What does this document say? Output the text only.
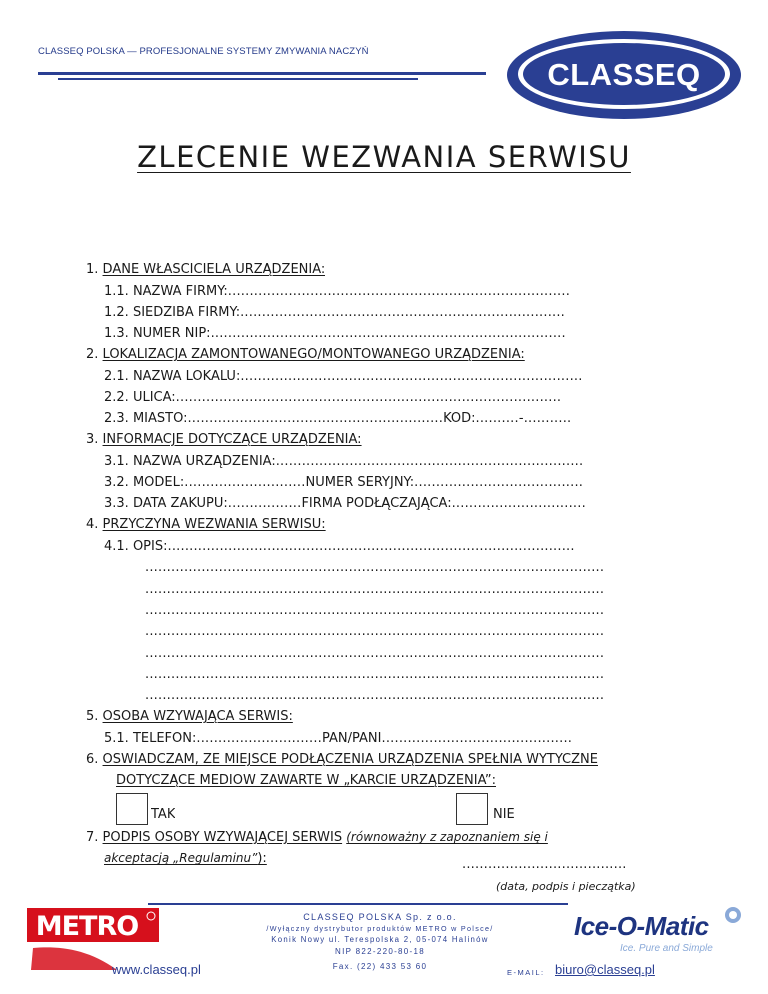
CLASSEQ POLSKA — PROFESJONALNE SYSTEMY ZMYWANIA NACZYŃ
CLASSEQ
ZLECENIE WEZWANIA SERWISU
1. DANE WŁAŚCICIELA URZĄDZENIA:
1.1. NAZWA FIRMY:...............................................................................
1.2. SIEDZIBA FIRMY:...........................................................................
1.3. NUMER NIP:..................................................................................
2. LOKALIZACJA ZAMONTOWANEGO/MONTOWANEGO URZĄDZENIA:
2.1. NAZWA LOKALU:...............................................................................
2.2. ULICA:.........................................................................................
2.3. MIASTO:...........................................................KOD:..........-...........
3. INFORMACJE DOTYCZĄCE URZĄDZENIA:
3.1. NAZWA URZĄDZENIA:.......................................................................
3.2. MODEL:............................NUMER SERYJNY:.......................................
3.3. DATA ZAKUPU:.................FIRMA PODŁĄCZAJĄCA:...............................
4. PRZYCZYNA WEZWANIA SERWISU:
4.1. OPIS:..............................................................................................
..........................................................................................................
..........................................................................................................
..........................................................................................................
..........................................................................................................
..........................................................................................................
..........................................................................................................
..........................................................................................................
5. OSOBA WZYWAJĄCA SERWIS:
5.1. TELEFON:.............................PAN/PANI............................................
6. OŚWIADCZAM, ŻE MIEJSCE PODŁĄCZENIA URZĄDZENIA SPEŁNIA WYTYCZNE
DOTYCZĄCE MEDIÓW ZAWARTE W „KARCIE URZĄDZENIA”:
TAK	NIE
7. PODPIS OSOBY WZYWAJĄCEJ SERWIS (równoważny z zapoznaniem się i
akceptacją „Regulaminu”):	......................................
(data, podpis i pieczątka)
METRO
www.classeq.pl
CLASSEQ POLSKA Sp. z o.o.
/Wyłączny dystrybutor produktów METRO w Polsce/
Konik Nowy ul. Terespolska 2, 05-074 Halinów
NIP 822-220-80-18
Fax. (22) 433 53 60
E-MAIL: biuro@classeq.pl
Ice-O-Matic
Ice. Pure and Simple
